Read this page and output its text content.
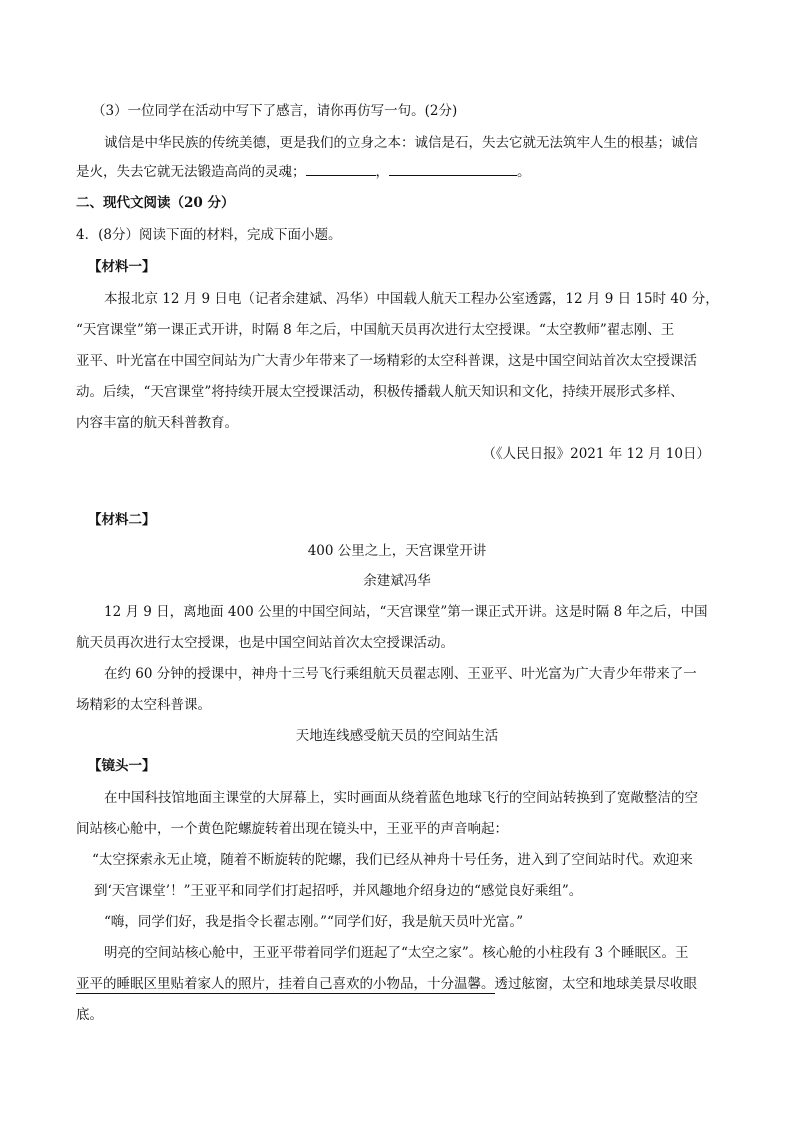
（3）一位同学在活动中写下了感言，请你再仿写一句。(2分)
诚信是中华民族的传统美德，更是我们的立身之本：诚信是石，失去它就无法筑牢人生的根基；诚信
是火，失去它就无法锻造高尚的灵魂；	，	。
二、现代文阅读（20 分）
4．(8分）阅读下面的材料，完成下面小题。
【材料一】
本报北京 12 月 9 日电（记者余建斌、冯华）中国载人航天工程办公室透露，12 月 9 日 15时 40 分，
“天宫课堂”第一课正式开讲，时隔 8 年之后，中国航天员再次进行太空授课。“太空教师”翟志刚、王
亚平、叶光富在中国空间站为广大青少年带来了一场精彩的太空科普课，这是中国空间站首次太空授课活
动。后续，“天宫课堂”将持续开展太空授课活动，积极传播载人航天知识和文化，持续开展形式多样、
内容丰富的航天科普教育。
（《人民日报》2021 年 12 月 10日）
【材料二】
400 公里之上，天宫课堂开讲
余建斌冯华
12 月 9 日，离地面 400 公里的中国空间站，“天宫课堂”第一课正式开讲。这是时隔 8 年之后，中国
航天员再次进行太空授课，也是中国空间站首次太空授课活动。
在约 60 分钟的授课中，神舟十三号飞行乘组航天员翟志刚、王亚平、叶光富为广大青少年带来了一
场精彩的太空科普课。
天地连线感受航天员的空间站生活
【镜头一】
在中国科技馆地面主课堂的大屏幕上，实时画面从绕着蓝色地球飞行的空间站转换到了宽敞整洁的空
间站核心舱中，一个黄色陀螺旋转着出现在镜头中，王亚平的声音响起：
“太空探索永无止境，随着不断旋转的陀螺，我们已经从神舟十号任务，进入到了空间站时代。欢迎来
到‘天宫课堂’！”王亚平和同学们打起招呼，并风趣地介绍身边的“感觉良好乘组”。
“嗨，同学们好，我是指令长翟志刚。”“同学们好，我是航天员叶光富。”
明亮的空间站核心舱中，王亚平带着同学们逛起了“太空之家”。核心舱的小柱段有 3 个睡眠区。王
亚平的睡眠区里贴着家人的照片，挂着自己喜欢的小物品，十分温馨。透过舷窗，太空和地球美景尽收眼
底。
